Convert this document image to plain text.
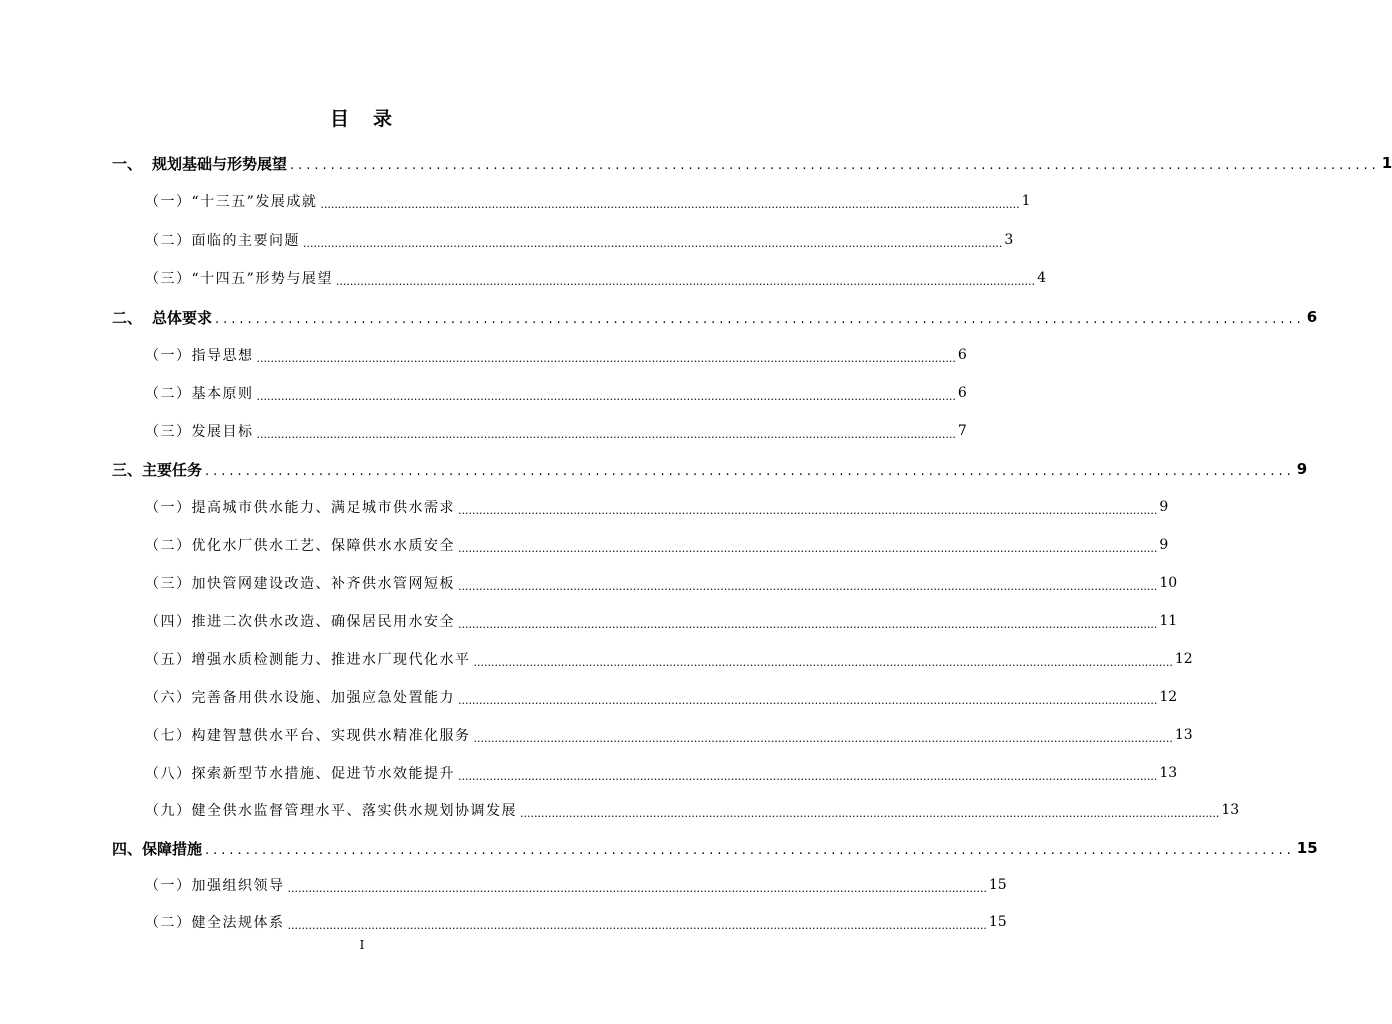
目 录
一、 规划基础与形势展望 ...................................................................................................................................... 1
（一）“十三五”发展成就 ........................................................................................................................................................................................................ 1
（二）面临的主要问题 ........................................................................................................................................................................................................ 3
（三）“十四五”形势与展望 ........................................................................................................................................................................................................ 4
二、 总体要求 ...................................................................................................................................... 6
（一）指导思想 ........................................................................................................................................................................................................ 6
（二）基本原则 ........................................................................................................................................................................................................ 6
（三）发展目标 ........................................................................................................................................................................................................ 7
三、主要任务 ...................................................................................................................................... 9
（一）提高城市供水能力、满足城市供水需求 ........................................................................................................................................................................................................ 9
（二）优化水厂供水工艺、保障供水水质安全 ........................................................................................................................................................................................................ 9
（三）加快管网建设改造、补齐供水管网短板 ........................................................................................................................................................................................................ 10
（四）推进二次供水改造、确保居民用水安全 ........................................................................................................................................................................................................ 11
（五）增强水质检测能力、推进水厂现代化水平 ........................................................................................................................................................................................................ 12
（六）完善备用供水设施、加强应急处置能力 ........................................................................................................................................................................................................ 12
（七）构建智慧供水平台、实现供水精准化服务 ........................................................................................................................................................................................................ 13
（八）探索新型节水措施、促进节水效能提升 ........................................................................................................................................................................................................ 13
（九）健全供水监督管理水平、落实供水规划协调发展 ........................................................................................................................................................................................................ 13
四、保障措施 ...................................................................................................................................... 15
（一）加强组织领导 ........................................................................................................................................................................................................ 15
（二）健全法规体系 ........................................................................................................................................................................................................ 15
I
